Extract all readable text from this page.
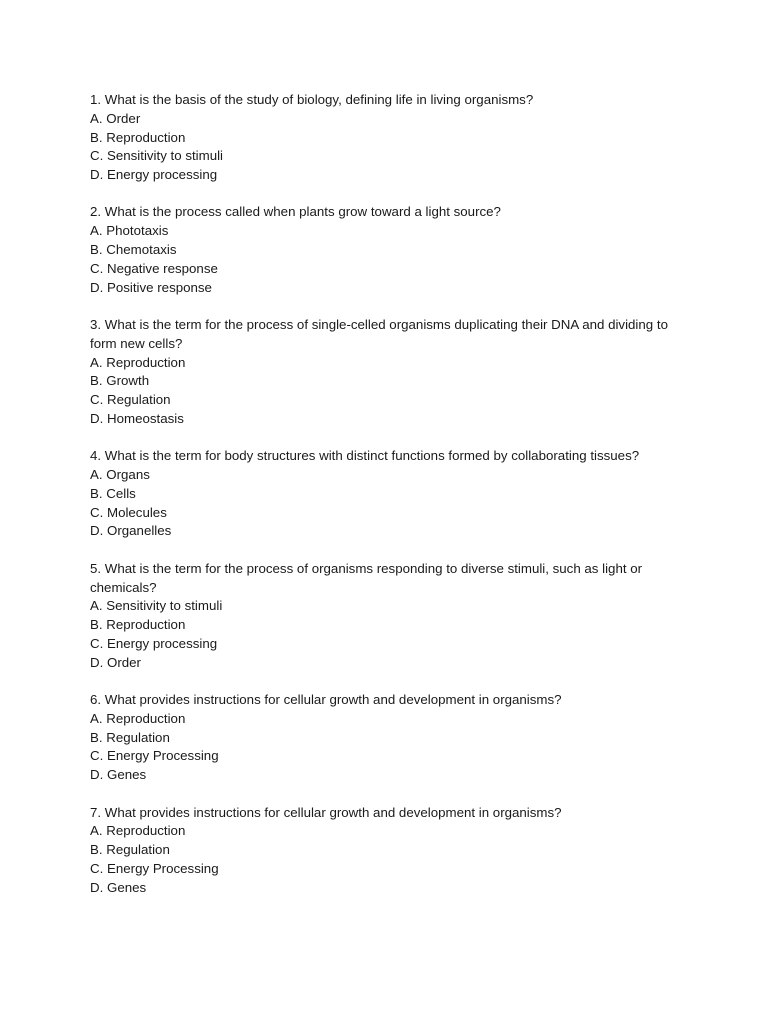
1. What is the basis of the study of biology, defining life in living organisms?
A. Order
B. Reproduction
C. Sensitivity to stimuli
D. Energy processing
2. What is the process called when plants grow toward a light source?
A. Phototaxis
B. Chemotaxis
C. Negative response
D. Positive response
3. What is the term for the process of single-celled organisms duplicating their DNA and dividing to form new cells?
A. Reproduction
B. Growth
C. Regulation
D. Homeostasis
4. What is the term for body structures with distinct functions formed by collaborating tissues?
A. Organs
B. Cells
C. Molecules
D. Organelles
5. What is the term for the process of organisms responding to diverse stimuli, such as light or chemicals?
A. Sensitivity to stimuli
B. Reproduction
C. Energy processing
D. Order
6. What provides instructions for cellular growth and development in organisms?
A. Reproduction
B. Regulation
C. Energy Processing
D. Genes
7. What provides instructions for cellular growth and development in organisms?
A. Reproduction
B. Regulation
C. Energy Processing
D. Genes
